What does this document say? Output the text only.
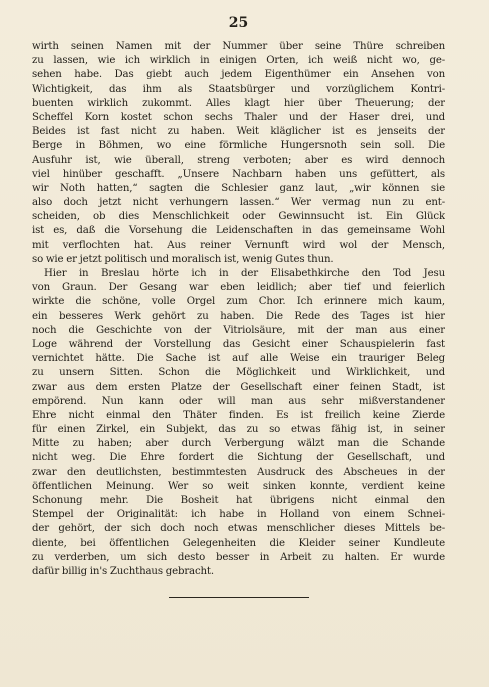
25
wirth seinen Namen mit der Nummer über seine Thüre schreiben
zu lassen, wie ich wirklich in einigen Orten, ich weiß nicht wo, ge-
sehen habe. Das giebt auch jedem Eigenthümer ein Ansehen von
Wichtigkeit, das ihm als Staatsbürger und vorzüglichem Kontri-
buenten wirklich zukommt. Alles klagt hier über Theuerung; der
Scheffel Korn kostet schon sechs Thaler und der Haser drei, und
Beides ist fast nicht zu haben. Weit kläglicher ist es jenseits der
Berge in Böhmen, wo eine förmliche Hungersnoth sein soll. Die
Ausfuhr ist, wie überall, streng verboten; aber es wird dennoch
viel hinüber geschafft. „Unsere Nachbarn haben uns gefüttert, als
wir Noth hatten,“ sagten die Schlesier ganz laut, „wir können sie
also doch jetzt nicht verhungern lassen.“ Wer vermag nun zu ent-
scheiden, ob dies Menschlichkeit oder Gewinnsucht ist. Ein Glück
ist es, daß die Vorsehung die Leidenschaften in das gemeinsame Wohl
mit verflochten hat. Aus reiner Vernunft wird wol der Mensch,
so wie er jetzt politisch und moralisch ist, wenig Gutes thun.
Hier in Breslau hörte ich in der Elisabethkirche den Tod Jesu
von Graun. Der Gesang war eben leidlich; aber tief und feierlich
wirkte die schöne, volle Orgel zum Chor. Ich erinnere mich kaum,
ein besseres Werk gehört zu haben. Die Rede des Tages ist hier
noch die Geschichte von der Vitriolsäure, mit der man aus einer
Loge während der Vorstellung das Gesicht einer Schauspielerin fast
vernichtet hätte. Die Sache ist auf alle Weise ein trauriger Beleg
zu unsern Sitten. Schon die Möglichkeit und Wirklichkeit, und
zwar aus dem ersten Platze der Gesellschaft einer feinen Stadt, ist
empörend. Nun kann oder will man aus sehr mißverstandener
Ehre nicht einmal den Thäter finden. Es ist freilich keine Zierde
für einen Zirkel, ein Subjekt, das zu so etwas fähig ist, in seiner
Mitte zu haben; aber durch Verbergung wälzt man die Schande
nicht weg. Die Ehre fordert die Sichtung der Gesellschaft, und
zwar den deutlichsten, bestimmtesten Ausdruck des Abscheues in der
öffentlichen Meinung. Wer so weit sinken konnte, verdient keine
Schonung mehr. Die Bosheit hat übrigens nicht einmal den
Stempel der Originalität: ich habe in Holland von einem Schnei-
der gehört, der sich doch noch etwas menschlicher dieses Mittels be-
diente, bei öffentlichen Gelegenheiten die Kleider seiner Kundleute
zu verderben, um sich desto besser in Arbeit zu halten. Er wurde
dafür billig in's Zuchthaus gebracht.
